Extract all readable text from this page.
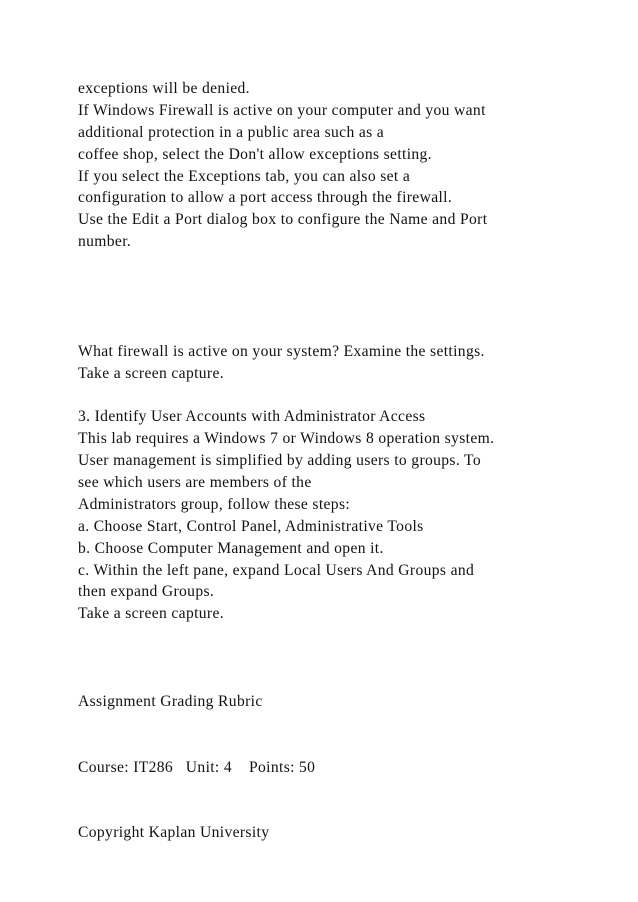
exceptions will be denied.
If Windows Firewall is active on your computer and you want
additional protection in a public area such as a
coffee shop, select the Don't allow exceptions setting.
If you select the Exceptions tab, you can also set a
configuration to allow a port access through the firewall.
Use the Edit a Port dialog box to configure the Name and Port
number.
What firewall is active on your system? Examine the settings.
Take a screen capture.
3. Identify User Accounts with Administrator Access
This lab requires a Windows 7 or Windows 8 operation system.
User management is simplified by adding users to groups. To
see which users are members of the
Administrators group, follow these steps:
a. Choose Start, Control Panel, Administrative Tools
b. Choose Computer Management and open it.
c. Within the left pane, expand Local Users And Groups and
then expand Groups.
Take a screen capture.
Assignment Grading Rubric
Course: IT286   Unit: 4    Points: 50
Copyright Kaplan University
